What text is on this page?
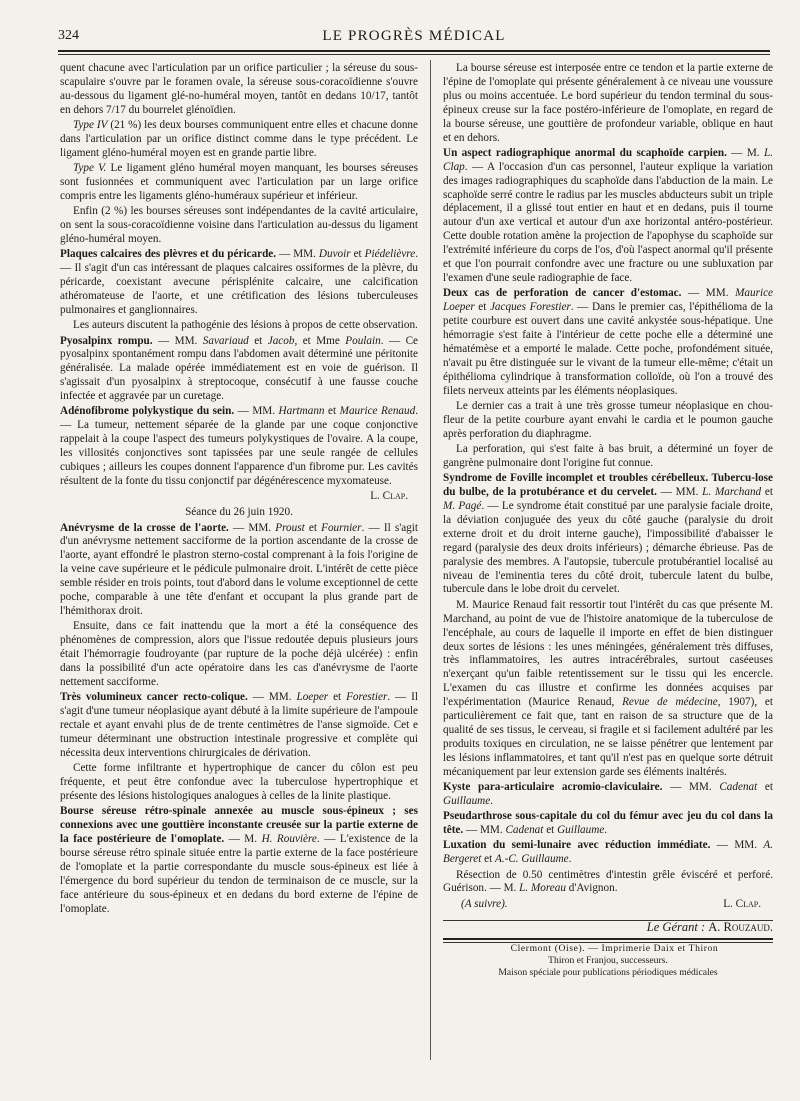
324	LE PROGRÈS MÉDICAL

quent chacune avec l'articulation par un orifice particulier ; la séreuse du sous-scapulaire s'ouvre par le foramen ovale, la séreuse sous-coracoïdienne s'ouvre au-dessous du ligament glé-no-huméral moyen, tantôt en dedans 10/17, tantôt en dehors 7/17 du bourrelet glénoïdien.

Type IV (21 %) les deux bourses communiquent entre elles et chacune donne dans l'articulation par un orifice distinct comme dans le type précédent. Le ligament gléno-huméral moyen est en grande partie libre.

Type V. Le ligament gléno huméral moyen manquant, les bourses séreuses sont fusionnées et communiquent avec l'articulation par un large orifice compris entre les ligaments gléno-huméraux supérieur et inférieur.

Enfin (2 %) les bourses séreuses sont indépendantes de la cavité articulaire, on sent la sous-coracoïdienne voisine dans l'articulation au-dessus du ligament gléno-huméral moyen.

Plaques calcaires des plèvres et du péricarde. — MM. Duvoir et Piédelièvre. — Il s'agit d'un cas intéressant de plaques calcaires ossiformes de la plèvre, du péricarde, coexistant avecune périsplénite calcaire, une calcification athéromateuse de l'aorte, et une crétification des lésions tuberculeuses pulmonaires et ganglionnaires.

Les auteurs discutent la pathogénie des lésions à propos de cette observation.

Pyosalpinx rompu. — MM. Savariaud et Jacob, et Mme Poulain. — Ce pyosalpinx spontanément rompu dans l'abdomen avait déterminé une péritonite généralisée. La malade opérée immédiatement est en voie de guérison. Il s'agissait d'un pyosalpinx à streptocoque, consécutif à une fausse couche infectée et aggravée par un curetage.

Adénofibrome polykystique du sein. — MM. Hartmann et Maurice Renaud. — La tumeur, nettement séparée de la glande par une coque conjonctive rappelait à la coupe l'aspect des tumeurs polykystiques de l'ovaire. A la coupe, les villosités conjonctives sont tapissées par une seule rangée de cellules cubiques ; ailleurs les coupes donnent l'apparence d'un fibrome pur. Les cavités résultent de la fonte du tissu conjonctif par dégénérescence myxomateuse.

L. Clap.

Séance du 26 juin 1920.

Anévrysme de la crosse de l'aorte. — MM. Proust et Fournier. — Il s'agit d'un anévrysme nettement sacciforme de la portion ascendante de la crosse de l'aorte, ayant effondré le plastron sterno-costal comprenant à la fois l'origine de la veine cave supérieure et le pédicule pulmonaire droit. L'intérêt de cette pièce semble résider en trois points, tout d'abord dans le volume exceptionnel de cette poche, comparable à une tête d'enfant et occupant la plus grande part de l'hémithorax droit.

Ensuite, dans ce fait inattendu que la mort a été la conséquence des phénomènes de compression, alors que l'issue redoutée depuis plusieurs jours était l'hémorragie foudroyante (par rupture de la poche déjà ulcérée) : enfin dans la possibilité d'un acte opératoire dans les cas d'anévrysme de l'aorte nettement sacciforme.

Très volumineux cancer recto-colique. — MM. Loeper et Forestier. — Il s'agit d'une tumeur néoplasique ayant débuté à la limite supérieure de l'ampoule rectale et ayant envahi plus de de trente centimètres de l'anse sigmoïde. Cet e tumeur déterminant une obstruction intestinale progressive et complète qui nécessita deux interventions chirurgicales de dérivation.

Cette forme infiltrante et hypertrophique de cancer du côlon est peu fréquente, et peut être confondue avec la tuberculose hypertrophique et présente des lésions histologiques analogues à celles de la linite plastique.

Bourse séreuse rétro-spinale annexée au muscle sous-épineux ; ses connexions avec une gouttière inconstante creusée sur la partie externe de la face postérieure de l'omoplate. — M. H. Rouvière. — L'existence de la bourse séreuse rétro spinale située entre la partie externe de la face postérieure de l'omoplate et la partie correspondante du muscle sous-épineux est liée à l'émergence du bord supérieur du tendon de terminaison de ce muscle, sur la face antérieure du sous-épineux et en dedans du bord externe de l'épine de l'omoplate.

La bourse séreuse est interposée entre ce tendon et la partie externe de l'épine de l'omoplate qui présente généralement à ce niveau une voussure plus ou moins accentuée. Le bord supérieur du tendon terminal du sous-épineux creuse sur la face postéro-inférieure de l'omoplate, en regard de la bourse séreuse, une gouttière de profondeur variable, oblique en haut et en dehors.

Un aspect radiographique anormal du scaphoïde carpien. — M. L. Clap. — A l'occasion d'un cas personnel, l'auteur explique la variation des images radiographiques du scaphoïde dans l'abduction de la main. Le scaphoïde serré contre le radius par les muscles abducteurs subit un triple déplacement, il a glissé tout entier en haut et en dedans, puis il tourne autour d'un axe vertical et autour d'un axe horizontal antéro-postérieur. Cette double rotation amène la projection de l'apophyse du scaphoïde sur l'extrémité inférieure du corps de l'os, d'où l'aspect anormal qu'il présente et que l'on pourrait confondre avec une fracture ou une subluxation par l'examen d'une seule radiographie de face.

Deux cas de perforation de cancer d'estomac. — MM. Maurice Loeper et Jacques Forestier. — Dans le premier cas, l'épithélioma de la petite courbure est ouvert dans une cavité ankystée sous-hépatique. Une hémorragie s'est faite à l'intérieur de cette poche elle a déterminé une hématémèse et a emporté le malade. Cette poche, profondément située, n'avait pu être distinguée sur le vivant de la tumeur elle-même; c'était un épithélioma cylindrique à transformation colloïde, où l'on a trouvé des filets nerveux atteints par les éléments néoplasiques.

Le dernier cas a trait à une très grosse tumeur néoplasique en chou-fleur de la petite courbure ayant envahi le cardia et le poumon gauche après perforation du diaphragme.

La perforation, qui s'est faite à bas bruit, a déterminé un foyer de gangrène pulmonaire dont l'origine fut connue.

Syndrome de Foville incomplet et troubles cérébelleux. Tubercu-lose du bulbe, de la protubérance et du cervelet. — MM. L. Marchand et M. Pagé. — Le syndrome était constitué par une paralysie faciale droite, la déviation conjuguée des yeux du côté gauche (paralysie du droit externe droit et du droit interne gauche), l'impossibilité d'abaisser le regard (paralysie des deux droits inférieurs) ; démarche ébrieuse. Pas de paralysie des membres. A l'autopsie, tubercule protubérantiel localisé au niveau de l'eminentia teres du côté droit, tubercule latent du bulbe, tubercule dans le lobe droit du cervelet.

M. Maurice Renaud fait ressortir tout l'intérêt du cas que présente M. Marchand, au point de vue de l'histoire anatomique de la tuberculose de l'encéphale, au cours de laquelle il importe en effet de bien distinguer deux sortes de lésions : les unes méningées, généralement très diffuses, très inflammatoires, les autres intracérébrales, surtout caséeuses n'exerçant qu'un faible retentissement sur le tissu qui les encercle. L'examen du cas illustre et confirme les données acquises par l'expérimentation (Maurice Renaud, Revue de médecine, 1907), et particulièrement ce fait que, tant en raison de sa structure que de la qualité de ses tissus, le cerveau, si fragile et si facilement adultéré par les produits toxiques en circulation, ne se laisse pénétrer que lentement par les lésions inflammatoires, et tant qu'il n'est pas en quelque sorte détruit mécaniquement par leur extension garde ses éléments inaltérés.

Kyste para-articulaire acromio-claviculaire. — MM. Cadenat et Guillaume.

Pseudarthrose sous-capitale du col du fémur avec jeu du col dans la tête. — MM. Cadenat et Guillaume.

Luxation du semi-lunaire avec réduction immédiate. — MM. A. Bergeret et A.-C. Guillaume.

Résection de 0.50 centimètres d'intestin grêle éviscéré et perforé. Guérison. — M. L. Moreau d'Avignon.

(A suivre).	L. Clap.

Le Gérant : A. Rouzaud.

Clermont (Oise). — Imprimerie Daix et Thiron
Thiron et Franjou, successeurs.
Maison spéciale pour publications périodiques médicales
